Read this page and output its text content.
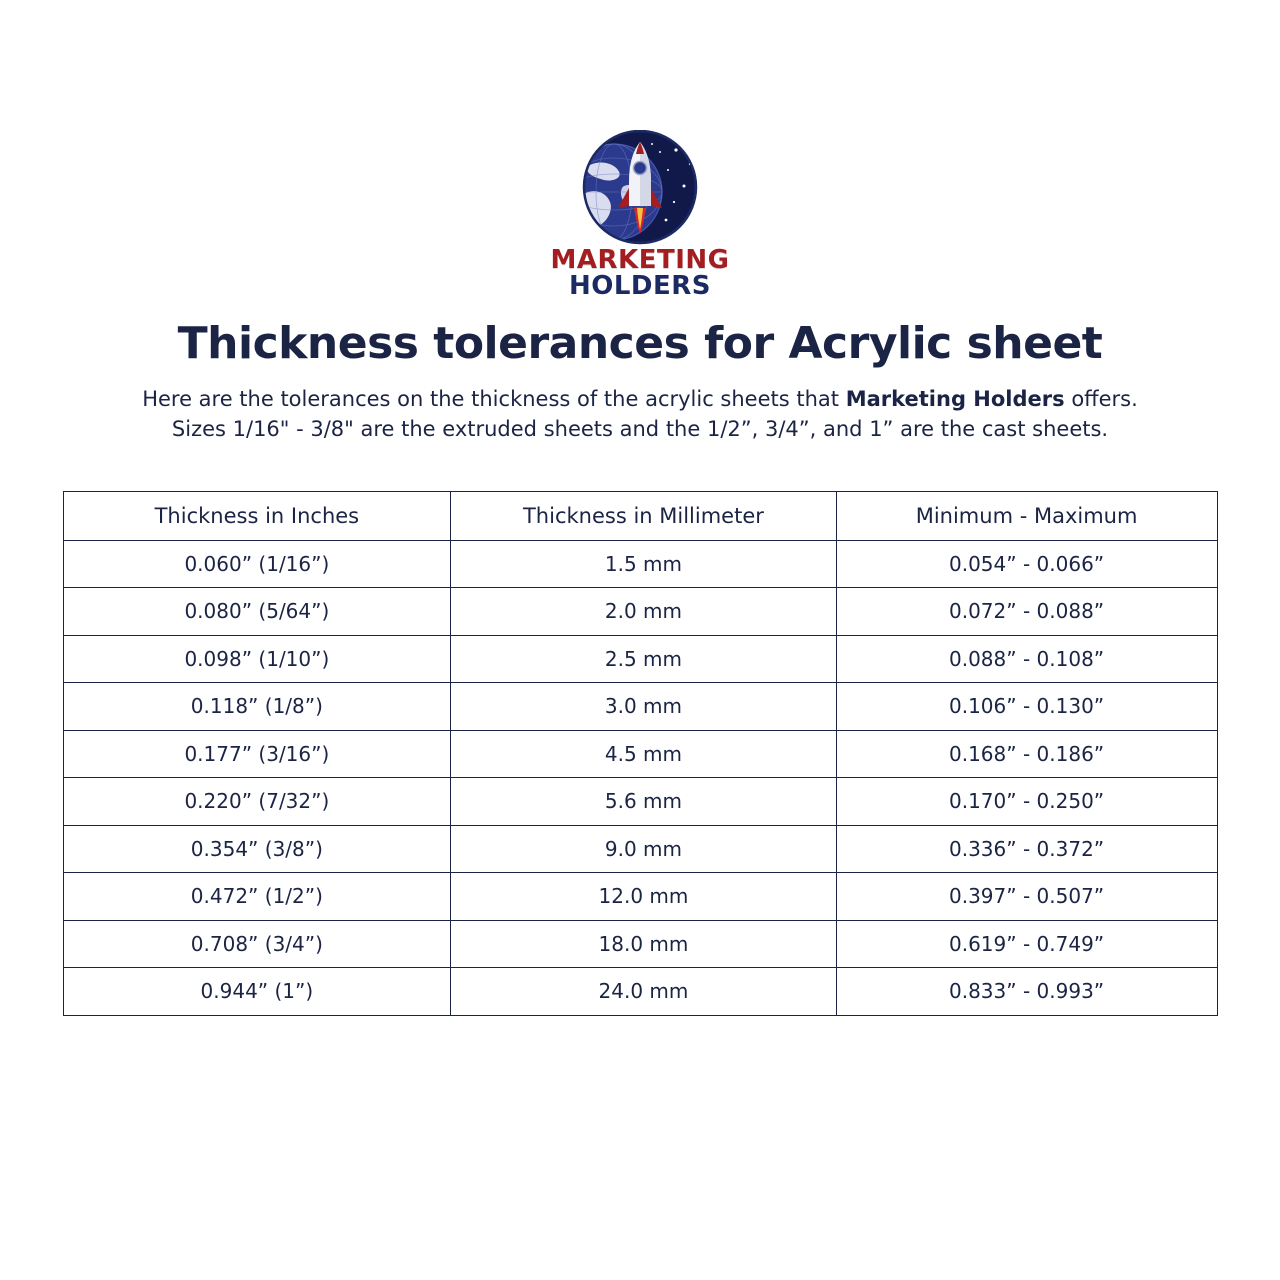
MARKETING
HOLDERS
Thickness tolerances for Acrylic sheet
Here are the tolerances on the thickness of the acrylic sheets that Marketing Holders offers.
Sizes 1/16" - 3/8" are the extruded sheets and the 1/2”, 3/4”, and 1” are the cast sheets.
Thickness in Inches	Thickness in Millimeter	Minimum - Maximum
0.060” (1/16”)	1.5 mm	0.054” - 0.066”
0.080” (5/64”)	2.0 mm	0.072” - 0.088”
0.098” (1/10”)	2.5 mm	0.088” - 0.108”
0.118” (1/8”)	3.0 mm	0.106” - 0.130”
0.177” (3/16”)	4.5 mm	0.168” - 0.186”
0.220” (7/32”)	5.6 mm	0.170” - 0.250”
0.354” (3/8”)	9.0 mm	0.336” - 0.372”
0.472” (1/2”)	12.0 mm	0.397” - 0.507”
0.708” (3/4”)	18.0 mm	0.619” - 0.749”
0.944” (1”)	24.0 mm	0.833” - 0.993”
